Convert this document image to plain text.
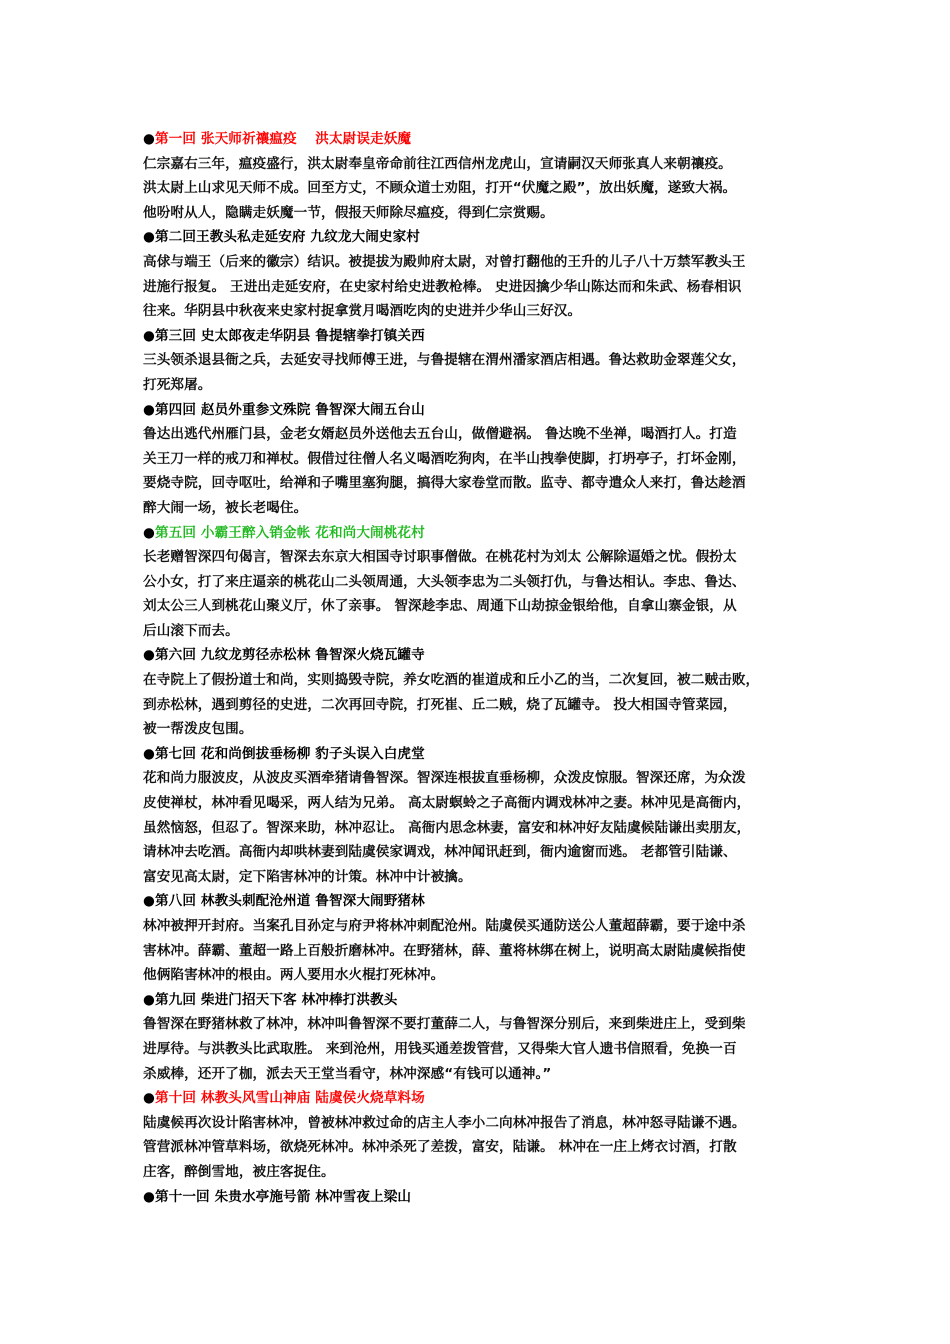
●第一回 张天师祈禳瘟疫　 洪太尉误走妖魔
仁宗嘉右三年，瘟疫盛行，洪太尉奉皇帝命前往江西信州龙虎山，宣请嗣汉天师张真人来朝禳疫。
洪太尉上山求见天师不成。回至方丈，不顾众道士劝阻，打开“伏魔之殿”，放出妖魔，遂致大祸。
他吩咐从人，隐瞒走妖魔一节，假报天师除尽瘟疫，得到仁宗赏赐。
●第二回王教头私走延安府 九纹龙大闹史家村
高俅与端王（后来的徽宗）结识。被提拔为殿帅府太尉，对曾打翻他的王升的儿子八十万禁军教头王
进施行报复。 王进出走延安府，在史家村给史进教枪棒。 史进因擒少华山陈达而和朱武、杨春相识
往来。华阴县中秋夜来史家村捉拿赏月喝酒吃肉的史进并少华山三好汉。
●第三回 史太郎夜走华阴县 鲁提辖拳打镇关西
三头领杀退县衙之兵，去延安寻找师傅王进，与鲁提辖在渭州潘家酒店相遇。鲁达救助金翠莲父女，
打死郑屠。
●第四回 赵员外重参文殊院 鲁智深大闹五台山
鲁达出逃代州雁门县，金老女婿赵员外送他去五台山，做僧避祸。 鲁达晚不坐禅，喝酒打人。打造
关王刀一样的戒刀和禅杖。假借过往僧人名义喝酒吃狗肉，在半山拽拳使脚，打坍亭子，打坏金刚，
要烧寺院，回寺呕吐，给禅和子嘴里塞狗腿，搞得大家卷堂而散。监寺、都寺遣众人来打，鲁达趁酒
醉大闹一场，被长老喝住。
●第五回 小霸王醉入销金帐 花和尚大闹桃花村
长老赠智深四句偈言，智深去东京大相国寺讨职事僧做。在桃花村为刘太 公解除逼婚之忧。假扮太
公小女，打了来庄逼亲的桃花山二头领周通，大头领李忠为二头领打仇，与鲁达相认。李忠、鲁达、
刘太公三人到桃花山聚义厅，休了亲事。 智深趁李忠、周通下山劫掠金银给他，自拿山寨金银，从
后山滚下而去。
●第六回 九纹龙剪径赤松林 鲁智深火烧瓦罐寺
在寺院上了假扮道士和尚，实则捣毁寺院，养女吃酒的崔道成和丘小乙的当，二次复回，被二贼击败，
到赤松林，遇到剪径的史进，二次再回寺院，打死崔、丘二贼，烧了瓦罐寺。 投大相国寺管菜园，
被一帮泼皮包围。
●第七回 花和尚倒拔垂杨柳 豹子头误入白虎堂
花和尚力服波皮，从波皮买酒牵猪请鲁智深。智深连根拔直垂杨柳，众泼皮惊服。智深还席，为众泼
皮使禅杖，林冲看见喝采，两人结为兄弟。 高太尉螟蛉之子高衙内调戏林冲之妻。林冲见是高衙内，
虽然恼怒，但忍了。智深来助，林冲忍让。 高衙内思念林妻，富安和林冲好友陆虞候陆谦出卖朋友，
请林冲去吃酒。高衙内却哄林妻到陆虞侯家调戏，林冲闻讯赶到，衙内逾窗而逃。 老都管引陆谦、
富安见高太尉，定下陷害林冲的计策。林冲中计被擒。
●第八回 林教头刺配沧州道 鲁智深大闹野猪林
林冲被押开封府。当案孔目孙定与府尹将林冲刺配沧州。陆虞侯买通防送公人董超薛霸，要于途中杀
害林冲。薛霸、董超一路上百般折磨林冲。在野猪林，薛、董将林绑在树上，说明高太尉陆虞候指使
他俩陷害林冲的根由。两人要用水火棍打死林冲。
●第九回 柴进门招天下客 林冲棒打洪教头
鲁智深在野猪林救了林冲，林冲叫鲁智深不要打董薛二人，与鲁智深分别后，来到柴进庄上，受到柴
进厚待。与洪教头比武取胜。 来到沧州，用钱买通差拨管营，又得柴大官人遗书信照看，免换一百
杀威棒，还开了枷，派去天王堂当看守，林冲深感“有钱可以通神。”
●第十回 林教头风雪山神庙 陆虞侯火烧草料场
陆虞候再次设计陷害林冲，曾被林冲救过命的店主人李小二向林冲报告了消息，林冲怒寻陆谦不遇。
管营派林冲管草料场，欲烧死林冲。林冲杀死了差拨，富安，陆谦。 林冲在一庄上烤衣讨酒，打散
庄客，醉倒雪地，被庄客捉住。
●第十一回 朱贵水亭施号箭 林冲雪夜上梁山
